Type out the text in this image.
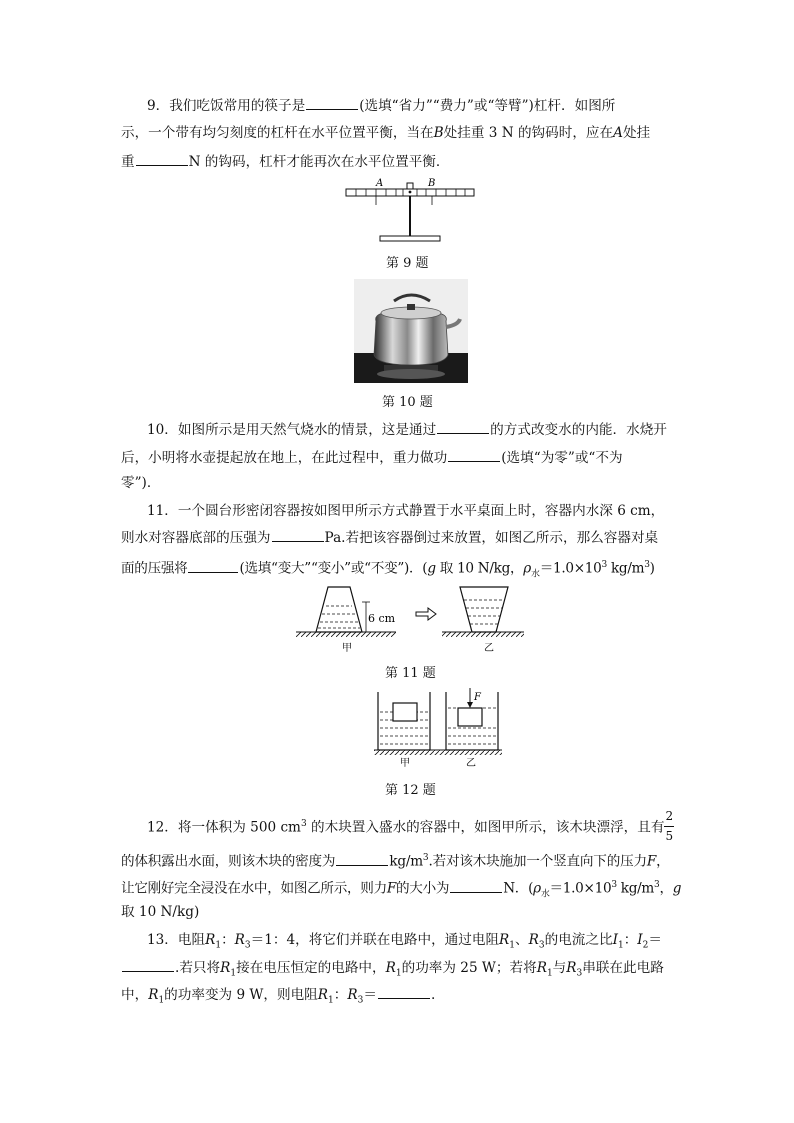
9．我们吃饭常用的筷子是	(选填“省力”“费力”或“等臂”)杠杆．如图所
示，一个带有均匀刻度的杠杆在水平位置平衡，当在B处挂重 3 N 的钩码时，应在A处挂
重	N 的钩码，杠杆才能再次在水平位置平衡．
A	B
第 9 题
第 10 题
10．如图所示是用天然气烧水的情景，这是通过	的方式改变水的内能．水烧开
后，小明将水壶提起放在地上，在此过程中，重力做功	(选填“为零”或“不为
零”)．
11．一个圆台形密闭容器按如图甲所示方式静置于水平桌面上时，容器内水深 6 cm，
则水对容器底部的压强为	Pa.若把该容器倒过来放置，如图乙所示，那么容器对桌
面的压强将	(选填“变大”“变小”或“不变”)．(g 取 10 N/kg，$\rho_水=1.0\times 10^3$ $kg/m^3$)
6 cm
甲	乙
第 11 题
F
甲	乙
第 12 题
12．将一体积为 500 $cm^3$ 的木块置入盛水的容器中，如图甲所示，该木块漂浮，且有 $\frac{2}{5}$
的体积露出水面，则该木块的密度为	$kg/m^3$.若对该木块施加一个竖直向下的压力F，
让它刚好完全浸没在水中，如图乙所示，则力F的大小为	N．($\rho_水=1.0\times 10^3$ $kg/m^3$，g
取 10 N/kg)
13．电阻$R_1$：$R_3=1$：4，将它们并联在电路中，通过电阻$R_1$、$R_3$的电流之比$I_1$：$I_2=$
.若只将$R_1$接在电压恒定的电路中，$R_1$的功率为 25 W；若将$R_1$与$R_3$串联在此电路
中，$R_1$的功率变为 9 W，则电阻$R_1$：$R_3=$	.
